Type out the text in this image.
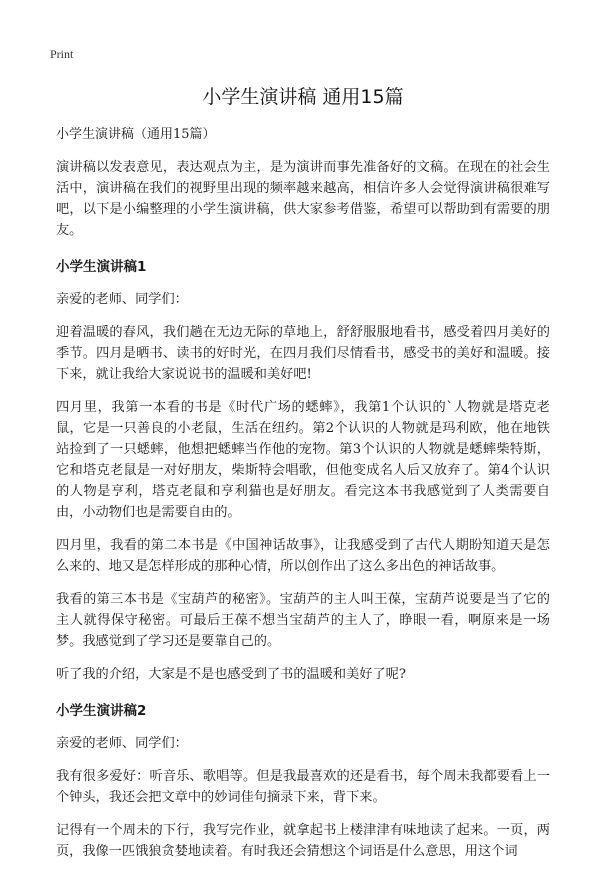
Print
小学生演讲稿 通用15篇
小学生演讲稿（通用15篇）

演讲稿以发表意见，表达观点为主，是为演讲而事先准备好的文稿。在现在的社会生活中，演讲稿在我们的视野里出现的频率越来越高，相信许多人会觉得演讲稿很难写吧，以下是小编整理的小学生演讲稿，供大家参考借鉴，希望可以帮助到有需要的朋友。

小学生演讲稿1

亲爱的老师、同学们：

迎着温暖的春风，我们趟在无边无际的草地上，舒舒服服地看书，感受着四月美好的季节。四月是晒书、读书的好时光，在四月我们尽情看书，感受书的美好和温暖。接下来，就让我给大家说说书的温暖和美好吧!

四月里，我第一本看的书是《时代广场的蟋蟀》，我第1个认识的`人物就是塔克老鼠，它是一只善良的小老鼠，生活在纽约。第2个认识的人物就是玛利欧，他在地铁站捡到了一只蟋蟀，他想把蟋蟀当作他的宠物。第3个认识的人物就是蟋蟀柴特斯，它和塔克老鼠是一对好朋友，柴斯特会唱歌，但他变成名人后又放弃了。第4个认识的人物是亨利，塔克老鼠和亨利猫也是好朋友。看完这本书我感觉到了人类需要自由，小动物们也是需要自由的。

四月里，我看的第二本书是《中国神话故事》，让我感受到了古代人期盼知道天是怎么来的、地又是怎样形成的那种心情，所以创作出了这么多出色的神话故事。

我看的第三本书是《宝葫芦的秘密》。宝葫芦的主人叫王葆，宝葫芦说要是当了它的主人就得保守秘密。可最后王葆不想当宝葫芦的主人了，睁眼一看，啊原来是一场梦。我感觉到了学习还是要靠自己的。

听了我的介绍，大家是不是也感受到了书的温暖和美好了呢?

小学生演讲稿2

亲爱的老师、同学们：

我有很多爱好：听音乐、歌唱等。但是我最喜欢的还是看书，每个周未我都要看上一个钟头，我还会把文章中的妙词佳句摘录下来，背下来。

记得有一个周未的下行，我写完作业，就拿起书上楼津津有味地读了起来。一页，两页，我像一匹饿狼贪婪地读着。有时我还会猜想这个词语是什么意思，用这个词
